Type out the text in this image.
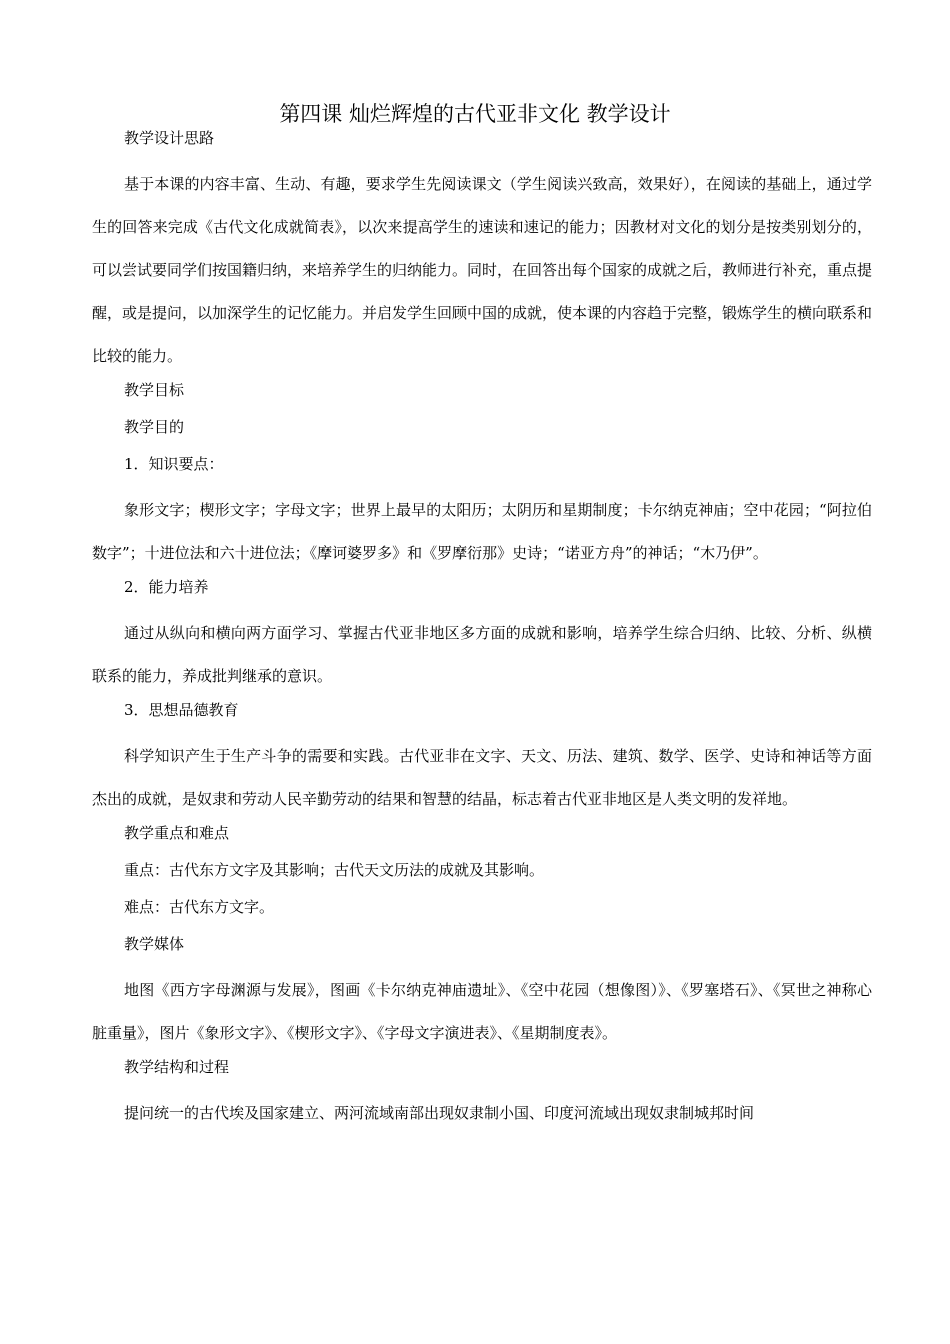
第四课 灿烂辉煌的古代亚非文化 教学设计

教学设计思路

基于本课的内容丰富、生动、有趣，要求学生先阅读课文（学生阅读兴致高，效果好），在阅读的基础上，通过学生的回答来完成《古代文化成就简表》，以次来提高学生的速读和速记的能力；因教材对文化的划分是按类别划分的，可以尝试要同学们按国籍归纳，来培养学生的归纳能力。同时，在回答出每个国家的成就之后，教师进行补充，重点提醒，或是提问，以加深学生的记忆能力。并启发学生回顾中国的成就，使本课的内容趋于完整，锻炼学生的横向联系和比较的能力。

教学目标

教学目的

1．知识要点：

象形文字；楔形文字；字母文字；世界上最早的太阳历；太阴历和星期制度；卡尔纳克神庙；空中花园；“阿拉伯数字”；十进位法和六十进位法；《摩诃婆罗多》和《罗摩衍那》史诗；“诺亚方舟”的神话；“木乃伊”。

2．能力培养

通过从纵向和横向两方面学习、掌握古代亚非地区多方面的成就和影响，培养学生综合归纳、比较、分析、纵横联系的能力，养成批判继承的意识。

3．思想品德教育

科学知识产生于生产斗争的需要和实践。古代亚非在文字、天文、历法、建筑、数学、医学、史诗和神话等方面杰出的成就，是奴隶和劳动人民辛勤劳动的结果和智慧的结晶，标志着古代亚非地区是人类文明的发祥地。

教学重点和难点

重点：古代东方文字及其影响；古代天文历法的成就及其影响。

难点：古代东方文字。

教学媒体

地图《西方字母渊源与发展》，图画《卡尔纳克神庙遗址》、《空中花园（想像图）》、《罗塞塔石》、《冥世之神称心脏重量》，图片《象形文字》、《楔形文字》、《字母文字演进表》、《星期制度表》。

教学结构和过程

提问统一的古代埃及国家建立、两河流域南部出现奴隶制小国、印度河流域出现奴隶制城邦时间
